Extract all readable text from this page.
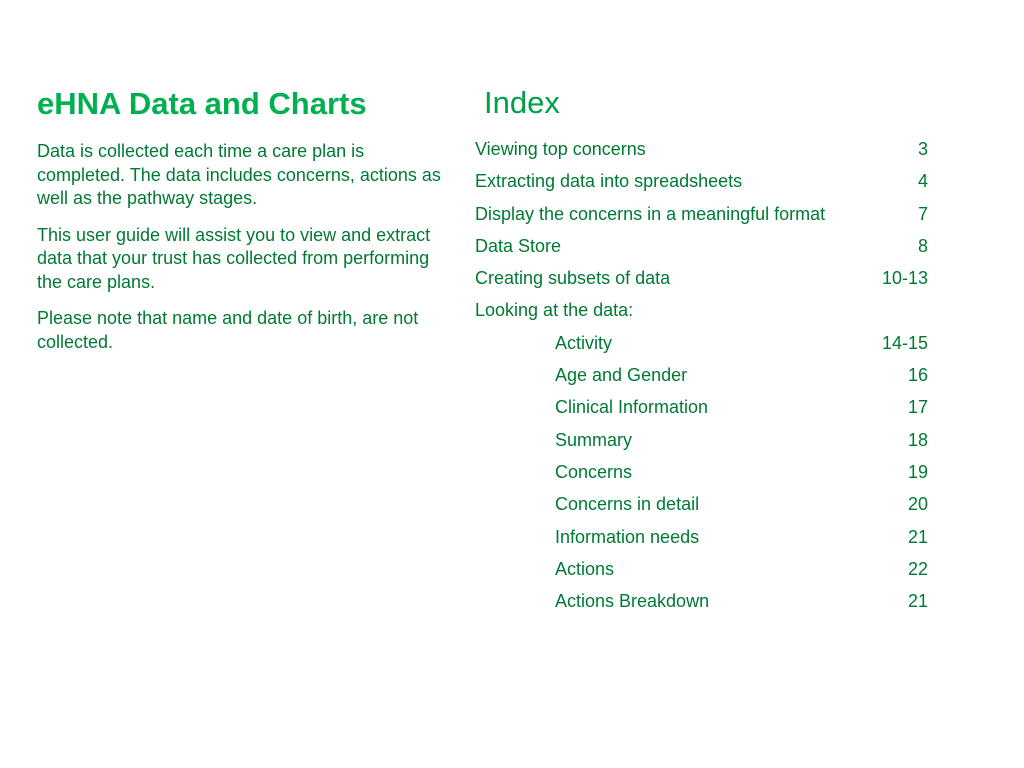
eHNA Data and Charts

Data is collected each time a care plan is completed. The data includes concerns, actions as well as the pathway stages.

This user guide will assist you to view and extract data that your trust has collected from performing the care plans.

Please note that name and date of birth, are not collected.

Index
Viewing top concerns	3
Extracting data into spreadsheets	4
Display the concerns in a meaningful format	7
Data Store	8
Creating subsets of data	10-13
Looking at the data:
Activity	14-15
Age and Gender	16
Clinical Information	17
Summary	18
Concerns	19
Concerns in detail	20
Information needs	21
Actions	22
Actions Breakdown	21
